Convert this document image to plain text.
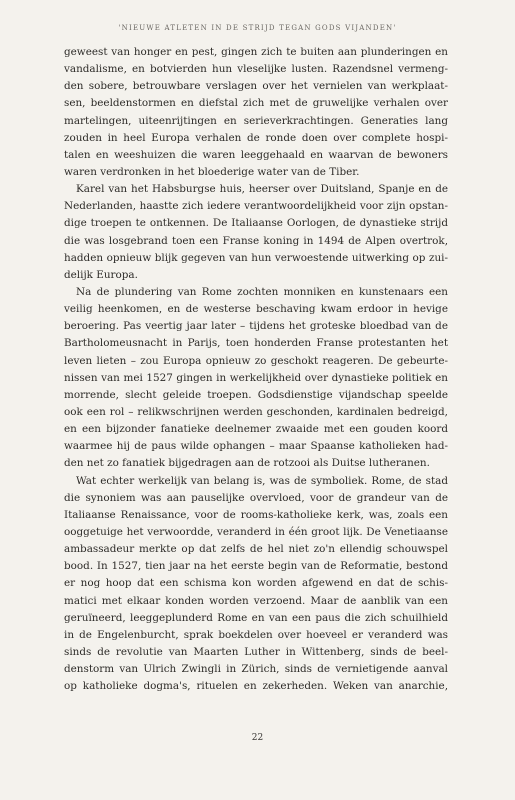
'NIEUWE ATLETEN IN DE STRIJD TEGAN GODS VIJANDEN'

geweest van honger en pest, gingen zich te buiten aan plunderingen en
vandalisme, en botvierden hun vleselijke lusten. Razendsnel vermeng-
den sobere, betrouwbare verslagen over het vernielen van werkplaat-
sen, beeldenstormen en diefstal zich met de gruwelijke verhalen over
martelingen, uiteenrijtingen en serieverkrachtingen. Generaties lang
zouden in heel Europa verhalen de ronde doen over complete hospi-
talen en weeshuizen die waren leeggehaald en waarvan de bewoners
waren verdronken in het bloederige water van de Tiber.

Karel van het Habsburgse huis, heerser over Duitsland, Spanje en de
Nederlanden, haastte zich iedere verantwoordelijkheid voor zijn opstan-
dige troepen te ontkennen. De Italiaanse Oorlogen, de dynastieke strijd
die was losgebrand toen een Franse koning in 1494 de Alpen overtrok,
hadden opnieuw blijk gegeven van hun verwoestende uitwerking op zui-
delijk Europa.

Na de plundering van Rome zochten monniken en kunstenaars een
veilig heenkomen, en de westerse beschaving kwam erdoor in hevige
beroering. Pas veertig jaar later – tijdens het groteske bloedbad van de
Bartholomeusnacht in Parijs, toen honderden Franse protestanten het
leven lieten – zou Europa opnieuw zo geschokt reageren. De gebeurte-
nissen van mei 1527 gingen in werkelijkheid over dynastieke politiek en
morrende, slecht geleide troepen. Godsdienstige vijandschap speelde
ook een rol – relikwschrijnen werden geschonden, kardinalen bedreigd,
en een bijzonder fanatieke deelnemer zwaaide met een gouden koord
waarmee hij de paus wilde ophangen – maar Spaanse katholieken had-
den net zo fanatiek bijgedragen aan de rotzooi als Duitse lutheranen.

Wat echter werkelijk van belang is, was de symboliek. Rome, de stad
die synoniem was aan pauselijke overvloed, voor de grandeur van de
Italiaanse Renaissance, voor de rooms-katholieke kerk, was, zoals een
ooggetuige het verwoordde, veranderd in één groot lijk. De Venetiaanse
ambassadeur merkte op dat zelfs de hel niet zo'n ellendig schouwspel
bood. In 1527, tien jaar na het eerste begin van de Reformatie, bestond
er nog hoop dat een schisma kon worden afgewend en dat de schis-
matici met elkaar konden worden verzoend. Maar de aanblik van een
geruïneerd, leeggeplunderd Rome en van een paus die zich schuilhield
in de Engelenburcht, sprak boekdelen over hoeveel er veranderd was
sinds de revolutie van Maarten Luther in Wittenberg, sinds de beel-
denstorm van Ulrich Zwingli in Zürich, sinds de vernietigende aanval
op katholieke dogma's, rituelen en zekerheden. Weken van anarchie,

22
